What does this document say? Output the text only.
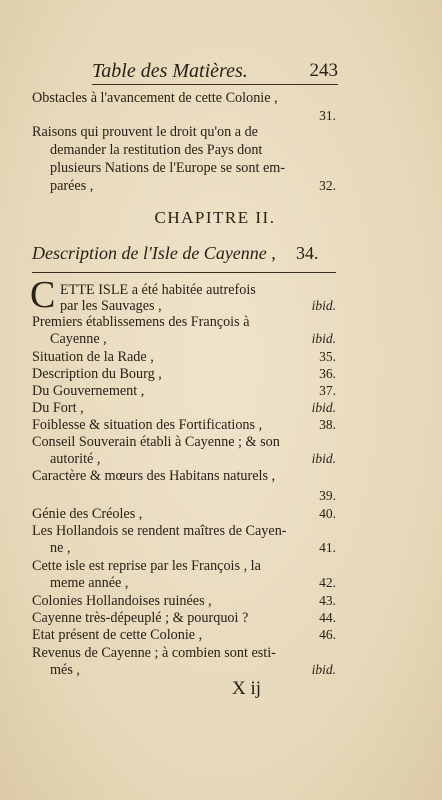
Table des Matières.	243
Obstacles à l'avancement de cette Colonie ,
31.
Raisons qui prouvent le droit qu'on a de
demander la restitution des Pays dont
plusieurs Nations de l'Europe se sont em-
parées ,	32.
CHAPITRE II.
Description de l'Isle de Cayenne , 34.
C ETTE ISLE a été habitée autrefois
par les Sauvages ,	ibid.
Premiers établissemens des François à
Cayenne ,	ibid.
Situation de la Rade ,	35.
Description du Bourg ,	36.
Du Gouvernement ,	37.
Du Fort ,	ibid.
Foiblesse & situation des Fortifications ,	38.
Conseil Souverain établi à Cayenne ; & son
autorité ,	ibid.
Caractère & mœurs des Habitans naturels ,
39.
Génie des Créoles ,	40.
Les Hollandois se rendent maîtres de Cayen-
ne ,	41.
Cette isle est reprise par les François , la
meme année ,	42.
Colonies Hollandoises ruinées ,	43.
Cayenne très-dépeuplé ; & pourquoi ?	44.
Etat présent de cette Colonie ,	46.
Revenus de Cayenne ; à combien sont esti-
més ,	ibid.
X ij
